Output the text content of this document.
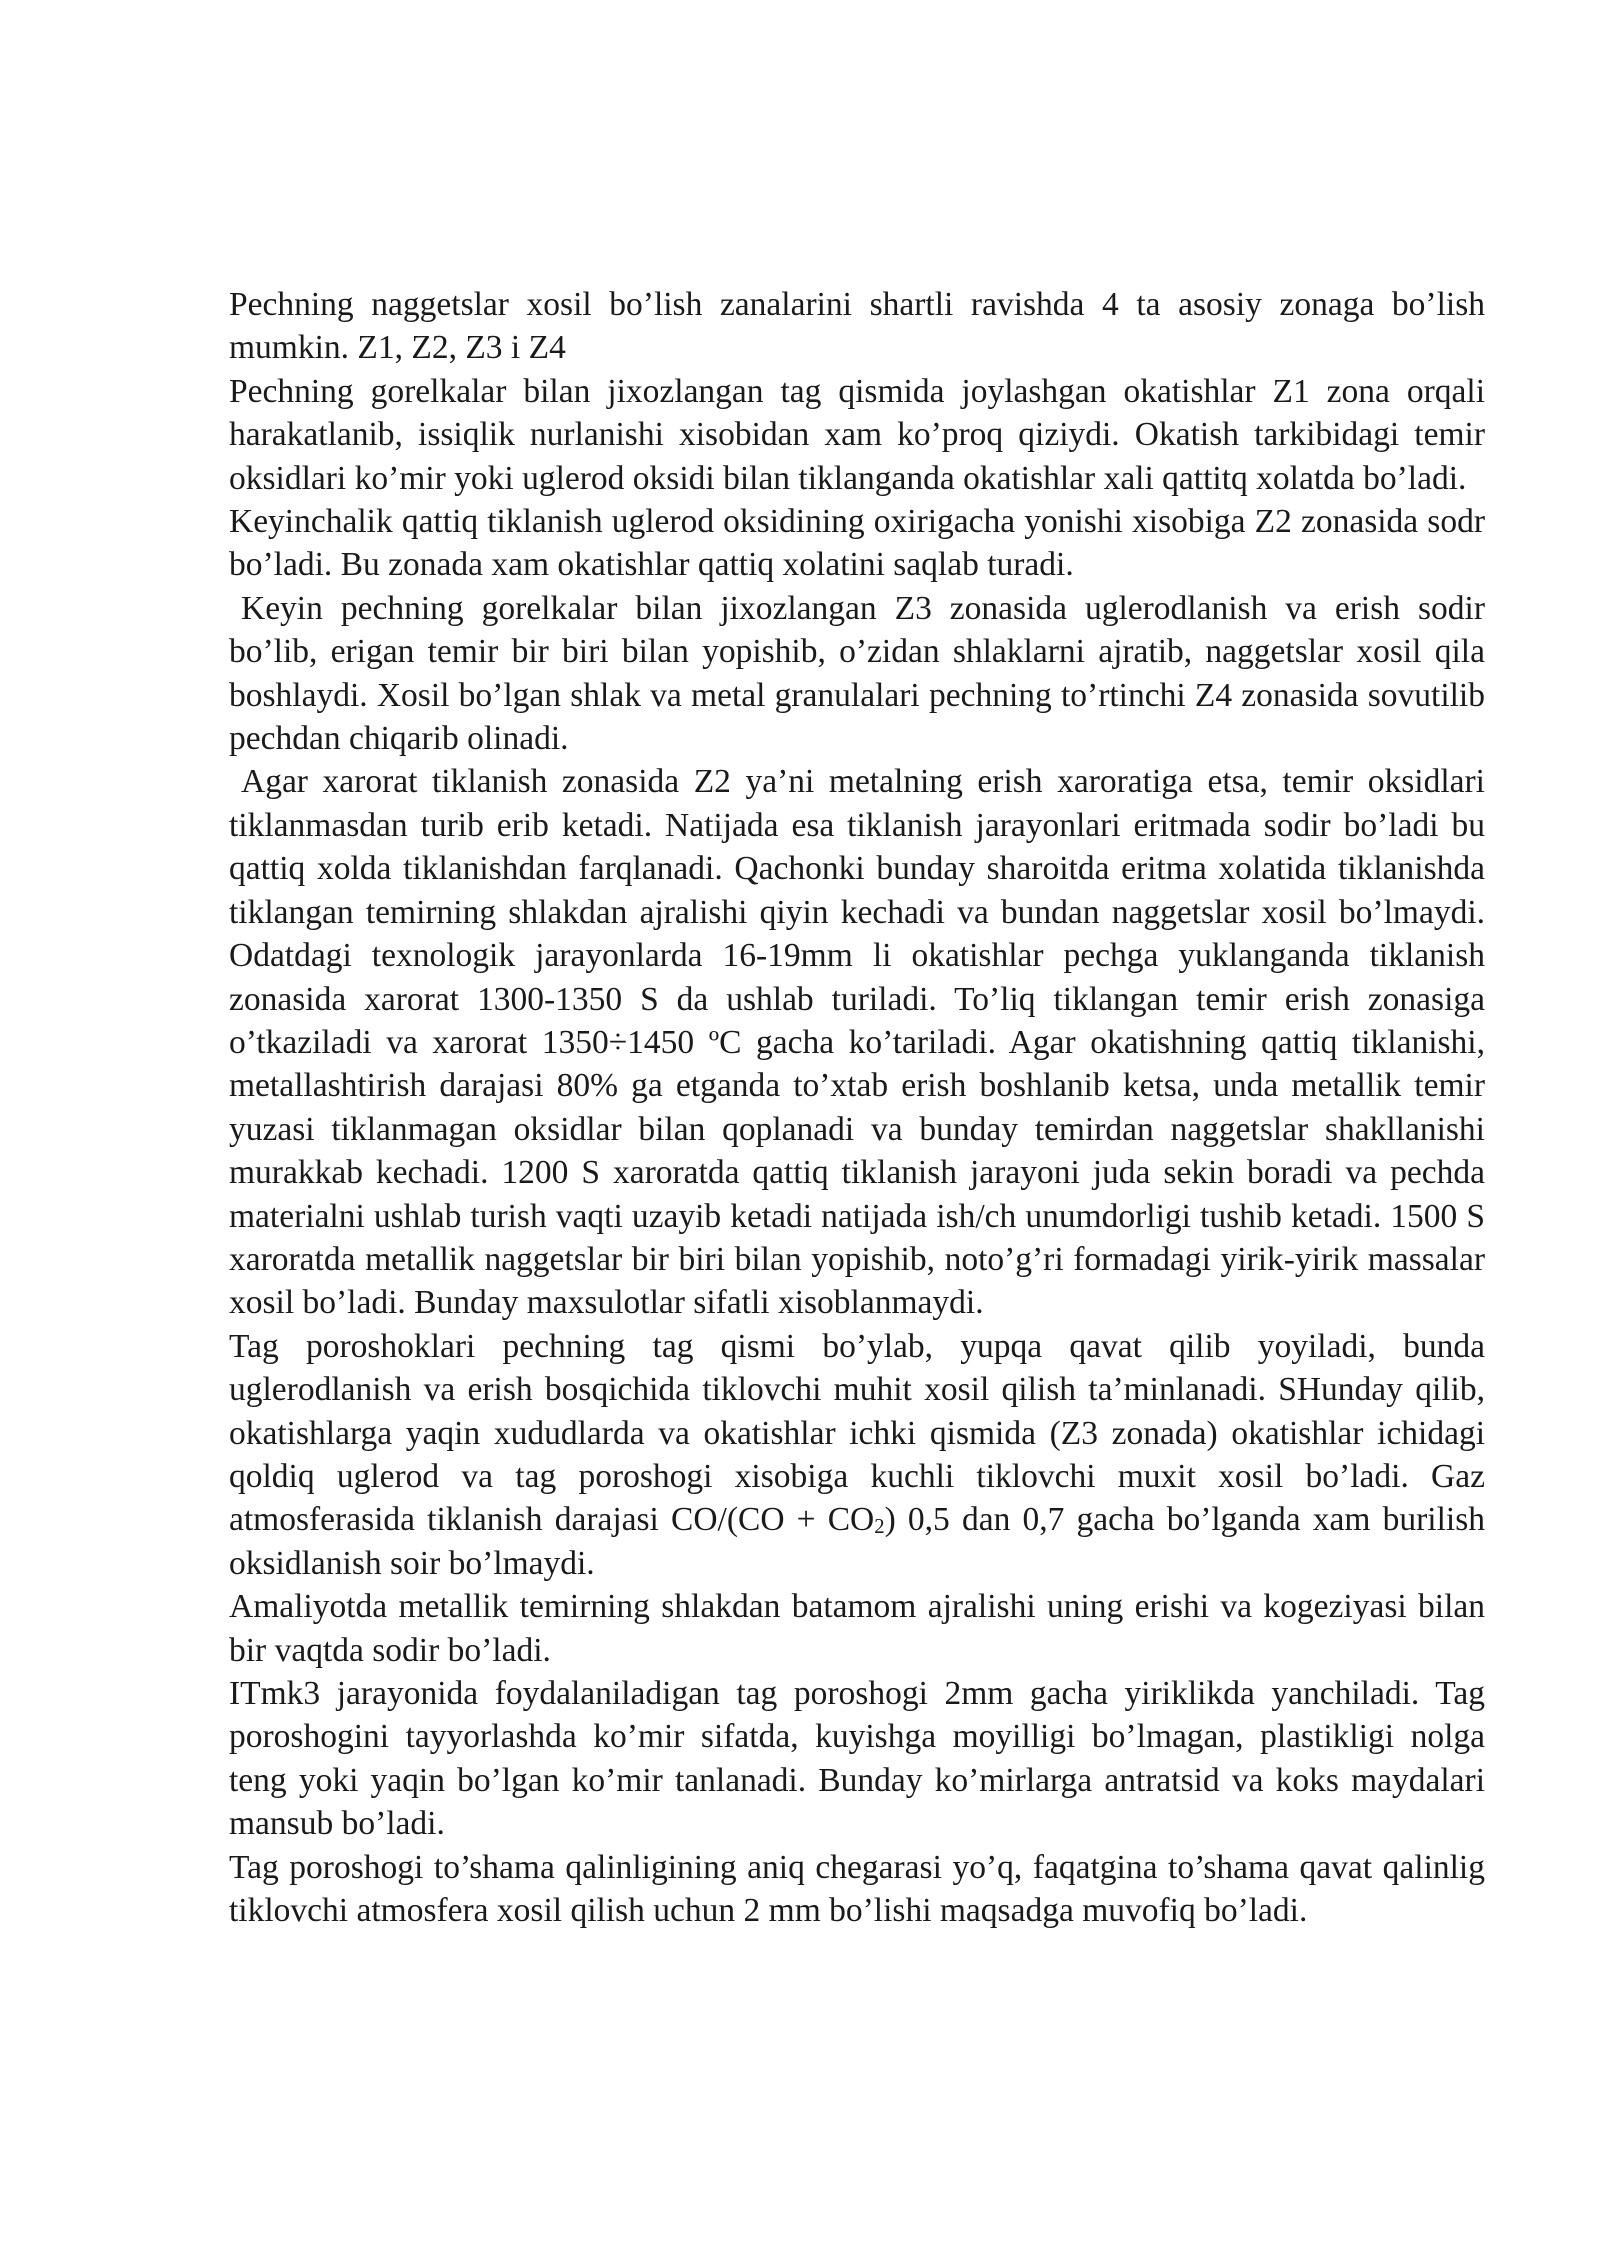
Pechning naggetslar xosil bo’lish zanalarini shartli ravishda 4 ta asosiy zonaga bo’lish mumkin. Z1, Z2, Z3 i Z4

Pechning gorelkalar bilan jixozlangan tag qismida joylashgan okatishlar Z1 zona orqali harakatlanib, issiqlik nurlanishi xisobidan xam ko’proq qiziydi. Okatish tarkibidagi temir oksidlari ko’mir yoki uglerod oksidi bilan tiklanganda okatishlar xali qattitq xolatda bo’ladi.

Keyinchalik qattiq tiklanish uglerod oksidining oxirigacha yonishi xisobiga Z2 zonasida sodr bo’ladi. Bu zonada xam okatishlar qattiq xolatini saqlab turadi.

Keyin pechning gorelkalar bilan jixozlangan Z3 zonasida uglerodlanish va erish sodir bo’lib, erigan temir bir biri bilan yopishib, o’zidan shlaklarni ajratib, naggetslar xosil qila boshlaydi. Xosil bo’lgan shlak va metal granulalari pechning to’rtinchi Z4 zonasida sovutilib pechdan chiqarib olinadi.

Agar xarorat tiklanish zonasida Z2 ya’ni metalning erish xaroratiga etsa, temir oksidlari tiklanmasdan turib erib ketadi. Natijada esa tiklanish jarayonlari eritmada sodir bo’ladi bu qattiq xolda tiklanishdan farqlanadi. Qachonki bunday sharoitda eritma xolatida tiklanishda tiklangan temirning shlakdan ajralishi qiyin kechadi va bundan naggetslar xosil bo’lmaydi. Odatdagi texnologik jarayonlarda 16-19mm li okatishlar pechga yuklanganda tiklanish zonasida xarorat 1300-1350 S da ushlab turiladi. To’liq tiklangan temir erish zonasiga o’tkaziladi va xarorat 1350÷1450 ºC gacha ko’tariladi. Agar okatishning qattiq tiklanishi, metallashtirish darajasi 80% ga etganda to’xtab erish boshlanib ketsa, unda metallik temir yuzasi tiklanmagan oksidlar bilan qoplanadi va bunday temirdan naggetslar shakllanishi murakkab kechadi. 1200 S xaroratda qattiq tiklanish jarayoni juda sekin boradi va pechda materialni ushlab turish vaqti uzayib ketadi natijada ish/ch unumdorligi tushib ketadi. 1500 S xaroratda metallik naggetslar bir biri bilan yopishib, noto’g’ri formadagi yirik-yirik massalar xosil bo’ladi. Bunday maxsulotlar sifatli xisoblanmaydi.

Tag poroshoklari pechning tag qismi bo’ylab, yupqa qavat qilib yoyiladi, bunda uglerodlanish va erish bosqichida tiklovchi muhit xosil qilish ta’minlanadi. SHunday qilib, okatishlarga yaqin xududlarda va okatishlar ichki qismida (Z3 zonada) okatishlar ichidagi qoldiq uglerod va tag poroshogi xisobiga kuchli tiklovchi muxit xosil bo’ladi. Gaz atmosferasida tiklanish darajasi $CO/(CO + CO_2)$ 0,5 dan 0,7 gacha bo’lganda xam burilish oksidlanish soir bo’lmaydi.

Amaliyotda metallik temirning shlakdan batamom ajralishi uning erishi va kogeziyasi bilan bir vaqtda sodir bo’ladi.

ITmk3 jarayonida foydalaniladigan tag poroshogi 2mm gacha yiriklikda yanchiladi. Tag poroshogini tayyorlashda ko’mir sifatda, kuyishga moyilligi bo’lmagan, plastikligi nolga teng yoki yaqin bo’lgan ko’mir tanlanadi. Bunday ko’mirlarga antratsid va koks maydalari mansub bo’ladi.

Tag poroshogi to’shama qalinligining aniq chegarasi yo’q, faqatgina to’shama qavat qalinlig tiklovchi atmosfera xosil qilish uchun 2 mm bo’lishi maqsadga muvofiq bo’ladi.
